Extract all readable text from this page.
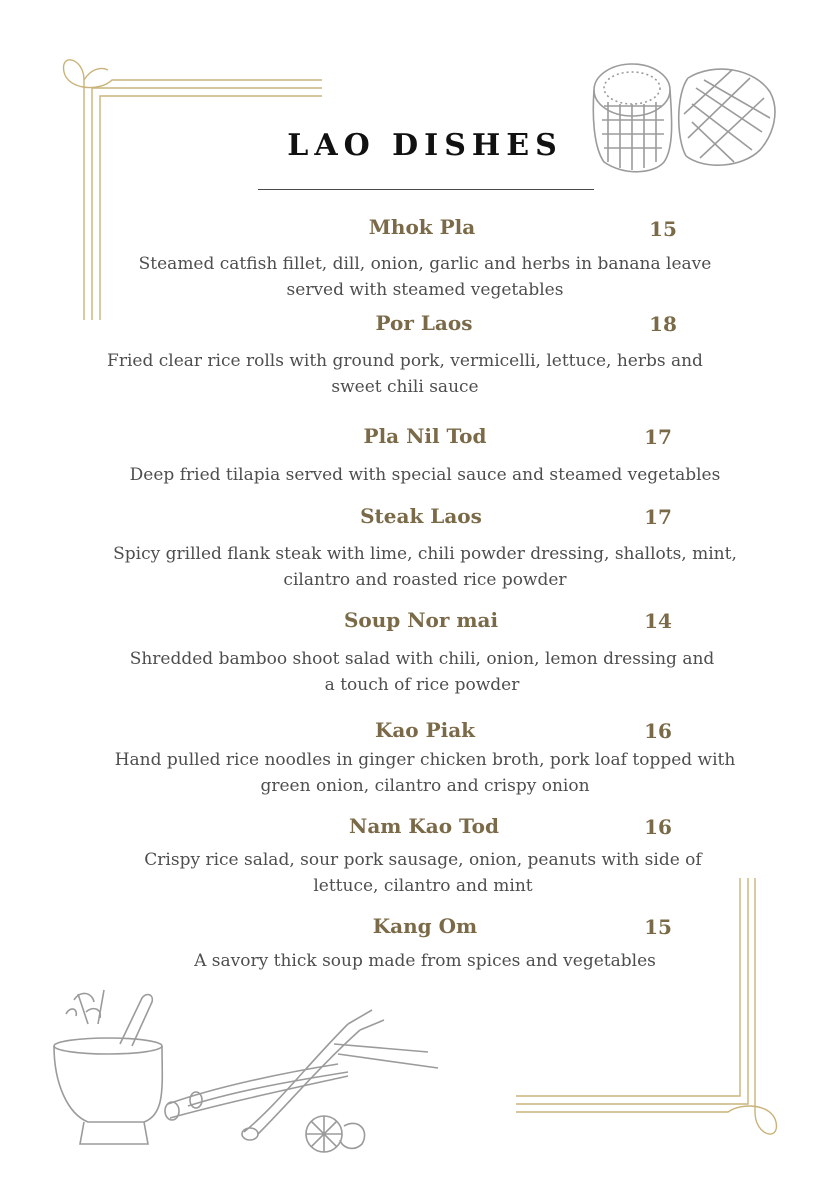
LAO DISHES
Mhok Pla	15
Steamed catfish fillet, dill, onion, garlic and herbs in banana leave
served with steamed vegetables
Por Laos	18
Fried clear rice rolls with ground pork, vermicelli, lettuce, herbs and
sweet chili sauce
Pla Nil Tod	17
Deep fried tilapia served with special sauce and steamed vegetables
Steak Laos	17
Spicy grilled flank steak with lime, chili powder dressing, shallots, mint,
cilantro and roasted rice powder
Soup Nor mai	14
Shredded bamboo shoot salad with chili, onion, lemon dressing and
a touch of rice powder
Kao Piak	16
Hand pulled rice noodles in ginger chicken broth, pork loaf topped with
green onion, cilantro and crispy onion
Nam Kao Tod	16
Crispy rice salad, sour pork sausage, onion, peanuts with side of
lettuce, cilantro and mint
Kang Om	15
A savory thick soup made from spices and vegetables
